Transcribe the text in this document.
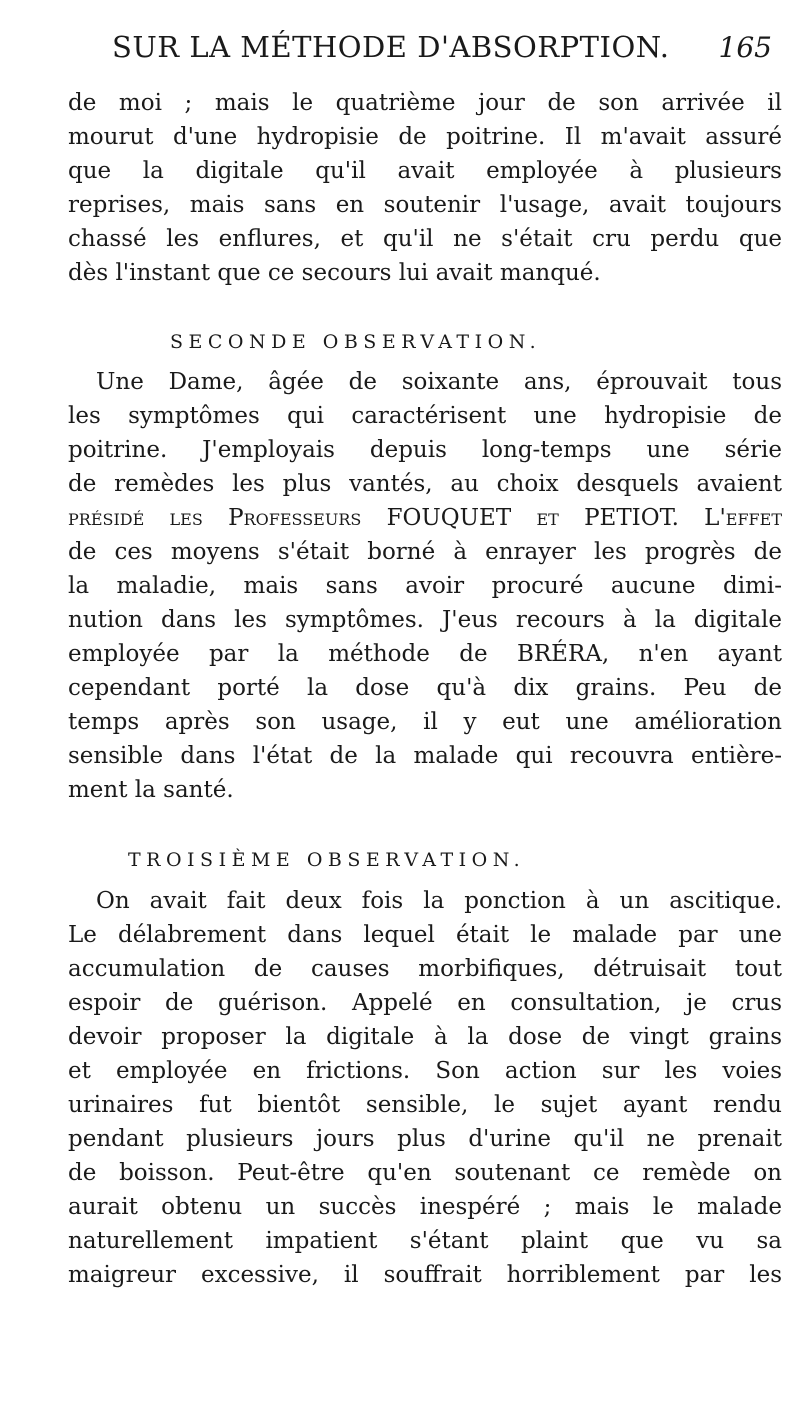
SUR LA MÉTHODE D'ABSORPTION. 165
de moi ; mais le quatrième jour de son arrivée il
mourut d'une hydropisie de poitrine. Il m'avait assuré
que la digitale qu'il avait employée à plusieurs
reprises, mais sans en soutenir l'usage, avait toujours
chassé les enflures, et qu'il ne s'était cru perdu que
dès l'instant que ce secours lui avait manqué.
SECONDE OBSERVATION.
Une Dame, âgée de soixante ans, éprouvait tous
les symptômes qui caractérisent une hydropisie de
poitrine. J'employais depuis long-temps une série
de remèdes les plus vantés, au choix desquels avaient
présidé les Professeurs FOUQUET et PETIOT. L'effet
de ces moyens s'était borné à enrayer les progrès de
la maladie, mais sans avoir procuré aucune dimi-
nution dans les symptômes. J'eus recours à la digitale
employée par la méthode de BRÉRA, n'en ayant
cependant porté la dose qu'à dix grains. Peu de
temps après son usage, il y eut une amélioration
sensible dans l'état de la malade qui recouvra entière-
ment la santé.
TROISIÈME OBSERVATION.
On avait fait deux fois la ponction à un ascitique.
Le délabrement dans lequel était le malade par une
accumulation de causes morbifiques, détruisait tout
espoir de guérison. Appelé en consultation, je crus
devoir proposer la digitale à la dose de vingt grains
et employée en frictions. Son action sur les voies
urinaires fut bientôt sensible, le sujet ayant rendu
pendant plusieurs jours plus d'urine qu'il ne prenait
de boisson. Peut-être qu'en soutenant ce remède on
aurait obtenu un succès inespéré ; mais le malade
naturellement impatient s'étant plaint que vu sa
maigreur excessive, il souffrait horriblement par les
